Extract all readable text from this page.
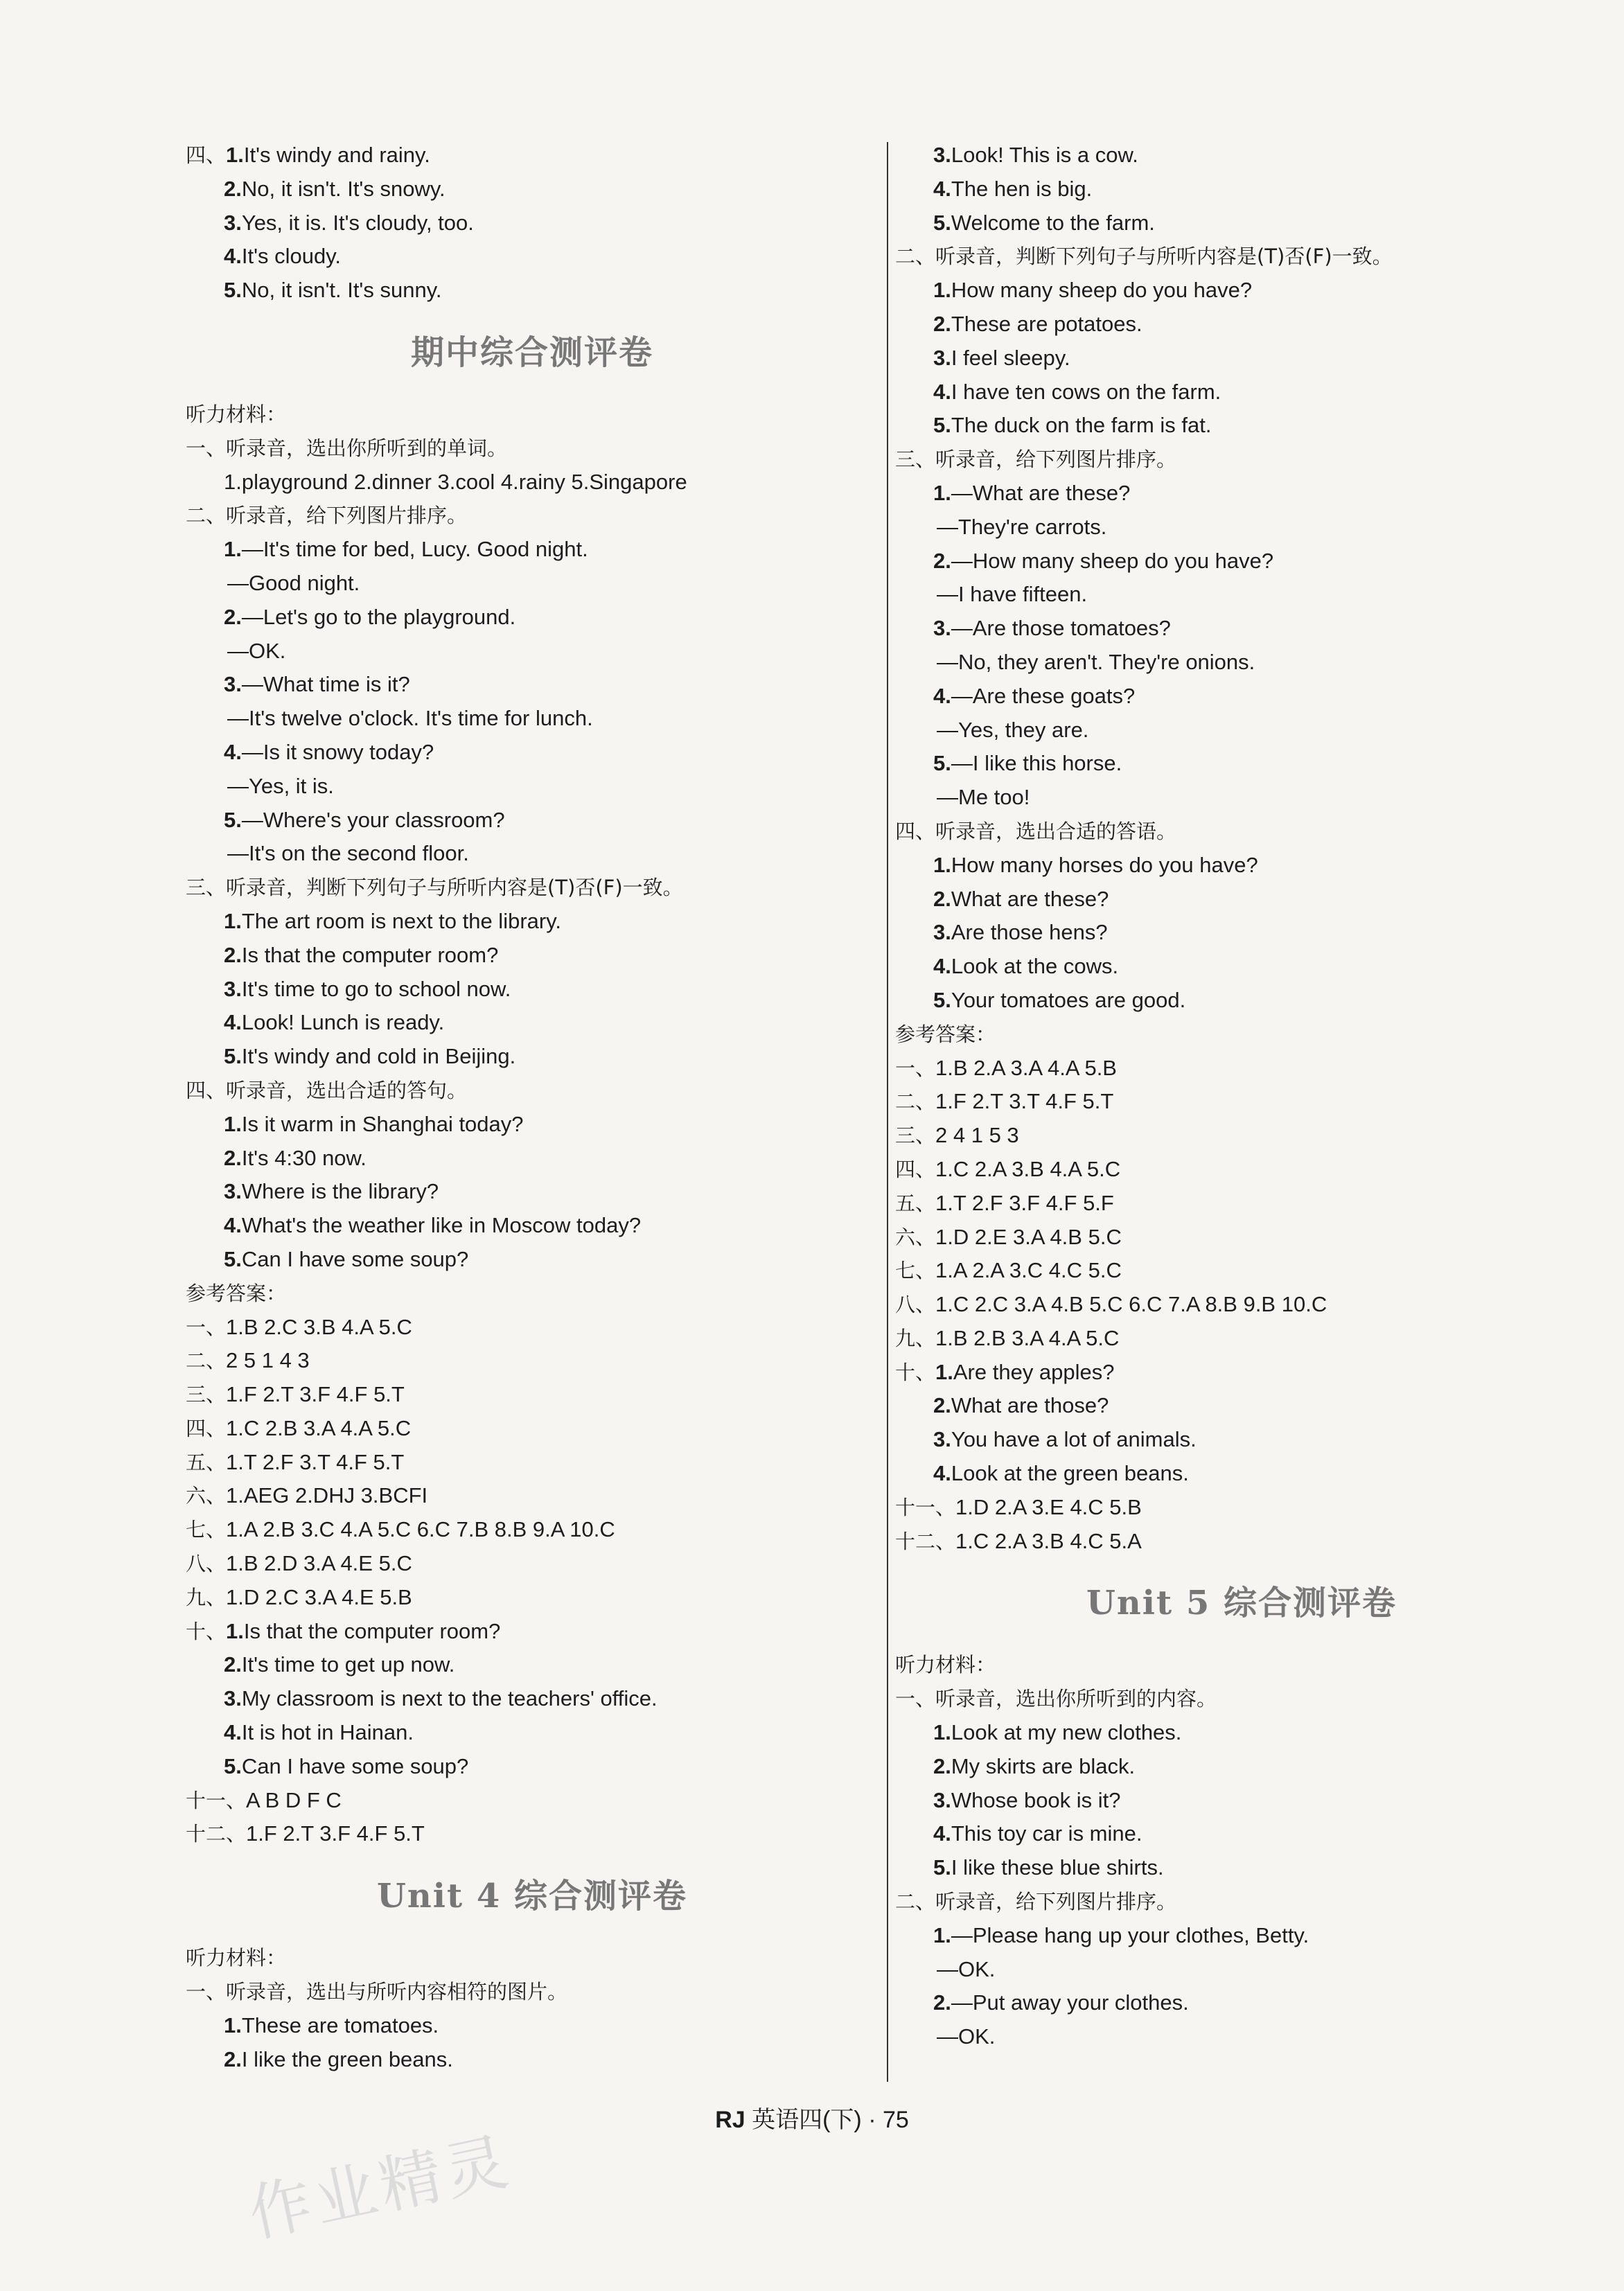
四、1.It's windy and rainy.
2.No, it isn't. It's snowy.
3.Yes, it is. It's cloudy, too.
4.It's cloudy.
5.No, it isn't. It's sunny.
期中综合测评卷
听力材料：
一、听录音，选出你所听到的单词。
1.playground 2.dinner 3.cool 4.rainy 5.Singapore
二、听录音，给下列图片排序。
1.—It's time for bed, Lucy. Good night.
—Good night.
2.—Let's go to the playground.
—OK.
3.—What time is it?
—It's twelve o'clock. It's time for lunch.
4.—Is it snowy today?
—Yes, it is.
5.—Where's your classroom?
—It's on the second floor.
三、听录音，判断下列句子与所听内容是(T)否(F)一致。
1.The art room is next to the library.
2.Is that the computer room?
3.It's time to go to school now.
4.Look! Lunch is ready.
5.It's windy and cold in Beijing.
四、听录音，选出合适的答句。
1.Is it warm in Shanghai today?
2.It's 4:30 now.
3.Where is the library?
4.What's the weather like in Moscow today?
5.Can I have some soup?
参考答案：
一、1.B 2.C 3.B 4.A 5.C
二、2 5 1 4 3
三、1.F 2.T 3.F 4.F 5.T
四、1.C 2.B 3.A 4.A 5.C
五、1.T 2.F 3.T 4.F 5.T
六、1.AEG 2.DHJ 3.BCFI
七、1.A 2.B 3.C 4.A 5.C 6.C 7.B 8.B 9.A 10.C
八、1.B 2.D 3.A 4.E 5.C
九、1.D 2.C 3.A 4.E 5.B
十、1.Is that the computer room?
2.It's time to get up now.
3.My classroom is next to the teachers' office.
4.It is hot in Hainan.
5.Can I have some soup?
十一、A B D F C
十二、1.F 2.T 3.F 4.F 5.T
Unit 4 综合测评卷
听力材料：
一、听录音，选出与所听内容相符的图片。
1.These are tomatoes.
2.I like the green beans.
3.Look! This is a cow.
4.The hen is big.
5.Welcome to the farm.
二、听录音，判断下列句子与所听内容是(T)否(F)一致。
1.How many sheep do you have?
2.These are potatoes.
3.I feel sleepy.
4.I have ten cows on the farm.
5.The duck on the farm is fat.
三、听录音，给下列图片排序。
1.—What are these?
—They're carrots.
2.—How many sheep do you have?
—I have fifteen.
3.—Are those tomatoes?
—No, they aren't. They're onions.
4.—Are these goats?
—Yes, they are.
5.—I like this horse.
—Me too!
四、听录音，选出合适的答语。
1.How many horses do you have?
2.What are these?
3.Are those hens?
4.Look at the cows.
5.Your tomatoes are good.
参考答案：
一、1.B 2.A 3.A 4.A 5.B
二、1.F 2.T 3.T 4.F 5.T
三、2 4 1 5 3
四、1.C 2.A 3.B 4.A 5.C
五、1.T 2.F 3.F 4.F 5.F
六、1.D 2.E 3.A 4.B 5.C
七、1.A 2.A 3.C 4.C 5.C
八、1.C 2.C 3.A 4.B 5.C 6.C 7.A 8.B 9.B 10.C
九、1.B 2.B 3.A 4.A 5.C
十、1.Are they apples?
2.What are those?
3.You have a lot of animals.
4.Look at the green beans.
十一、1.D 2.A 3.E 4.C 5.B
十二、1.C 2.A 3.B 4.C 5.A
Unit 5 综合测评卷
听力材料：
一、听录音，选出你所听到的内容。
1.Look at my new clothes.
2.My skirts are black.
3.Whose book is it?
4.This toy car is mine.
5.I like these blue shirts.
二、听录音，给下列图片排序。
1.—Please hang up your clothes, Betty.
—OK.
2.—Put away your clothes.
—OK.
RJ 英语四(下) · 75
作业精灵
